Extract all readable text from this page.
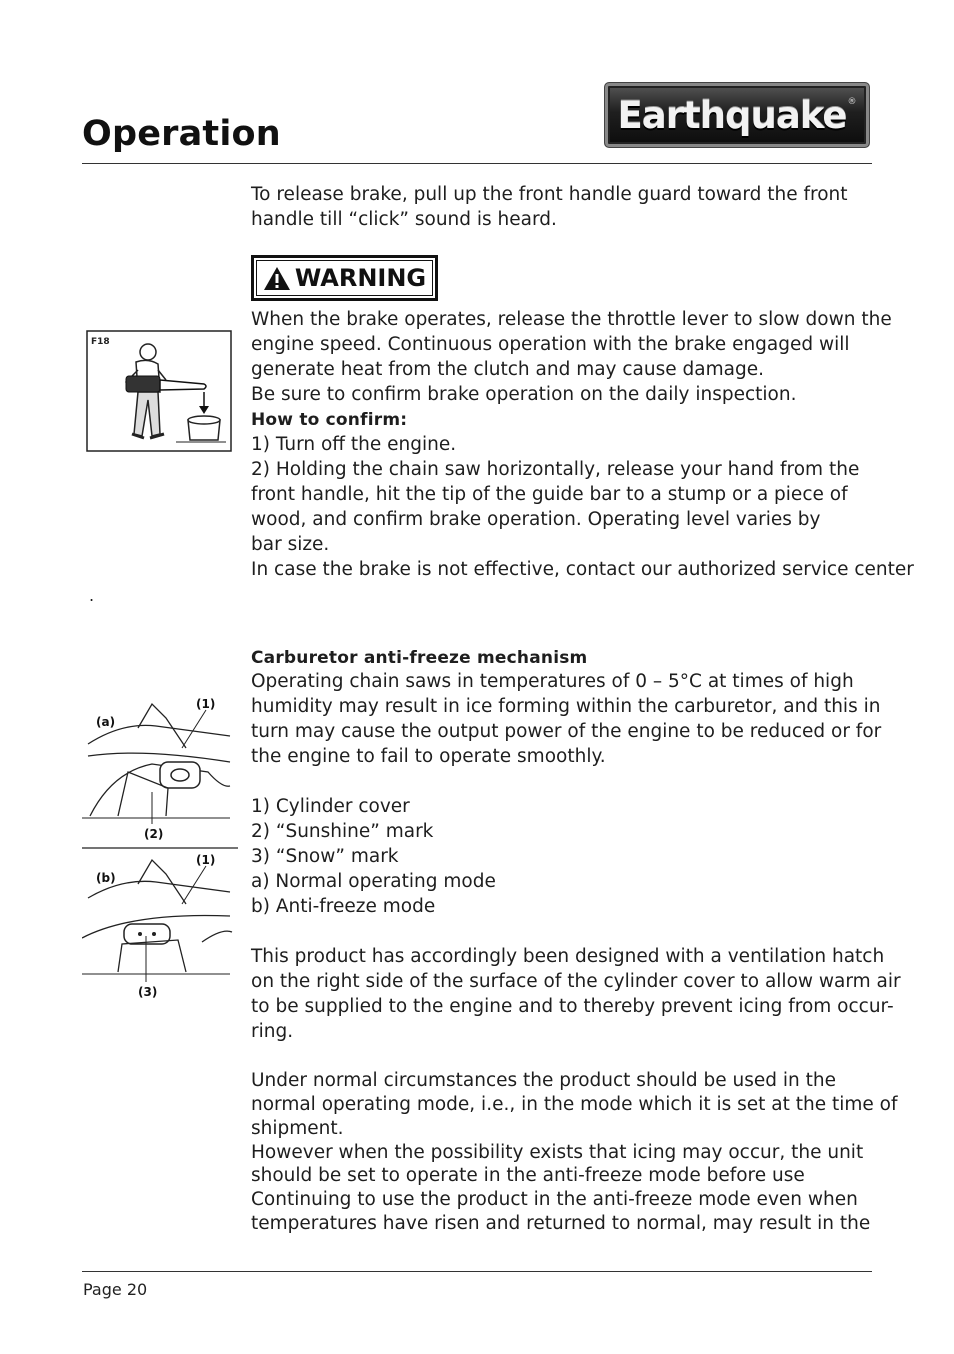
Operation	Earthquake ®

To release brake, pull up the front handle guard toward the front

handle till “click” sound is heard.

WARNING
F18

When the brake operates, release the throttle lever to slow down the

engine speed. Continuous operation with the brake engaged will

generate heat from the clutch and may cause damage.

Be sure to confirm brake operation on the daily inspection.

How to confirm:

1) Turn off the engine.

2) Holding the chain saw horizontally, release your hand from the

front handle, hit the tip of the guide bar to a stump or a piece of

wood, and confirm brake operation. Operating level varies by

bar size.

In case the brake is not effective, contact our authorized service center

.
(a)
(1)
(2)
(b)
(1)
(3)

Carburetor anti-freeze mechanism

Operating chain saws in temperatures of 0 – 5°C at times of high

humidity may result in ice forming within the carburetor, and this in

turn may cause the output power of the engine to be reduced or for

the engine to fail to operate smoothly.

1) Cylinder cover

2) “Sunshine” mark

3) “Snow” mark

a) Normal operating mode

b) Anti-freeze mode

This product has accordingly been designed with a ventilation hatch

on the right side of the surface of the cylinder cover to allow warm air

to be supplied to the engine and to thereby prevent icing from occur-

ring.

Under normal circumstances the product should be used in the

normal operating mode, i.e., in the mode which it is set at the time of

shipment.

However when the possibility exists that icing may occur, the unit

should be set to operate in the anti-freeze mode before use

Continuing to use the product in the anti-freeze mode even when

temperatures have risen and returned to normal, may result in the

Page 20
